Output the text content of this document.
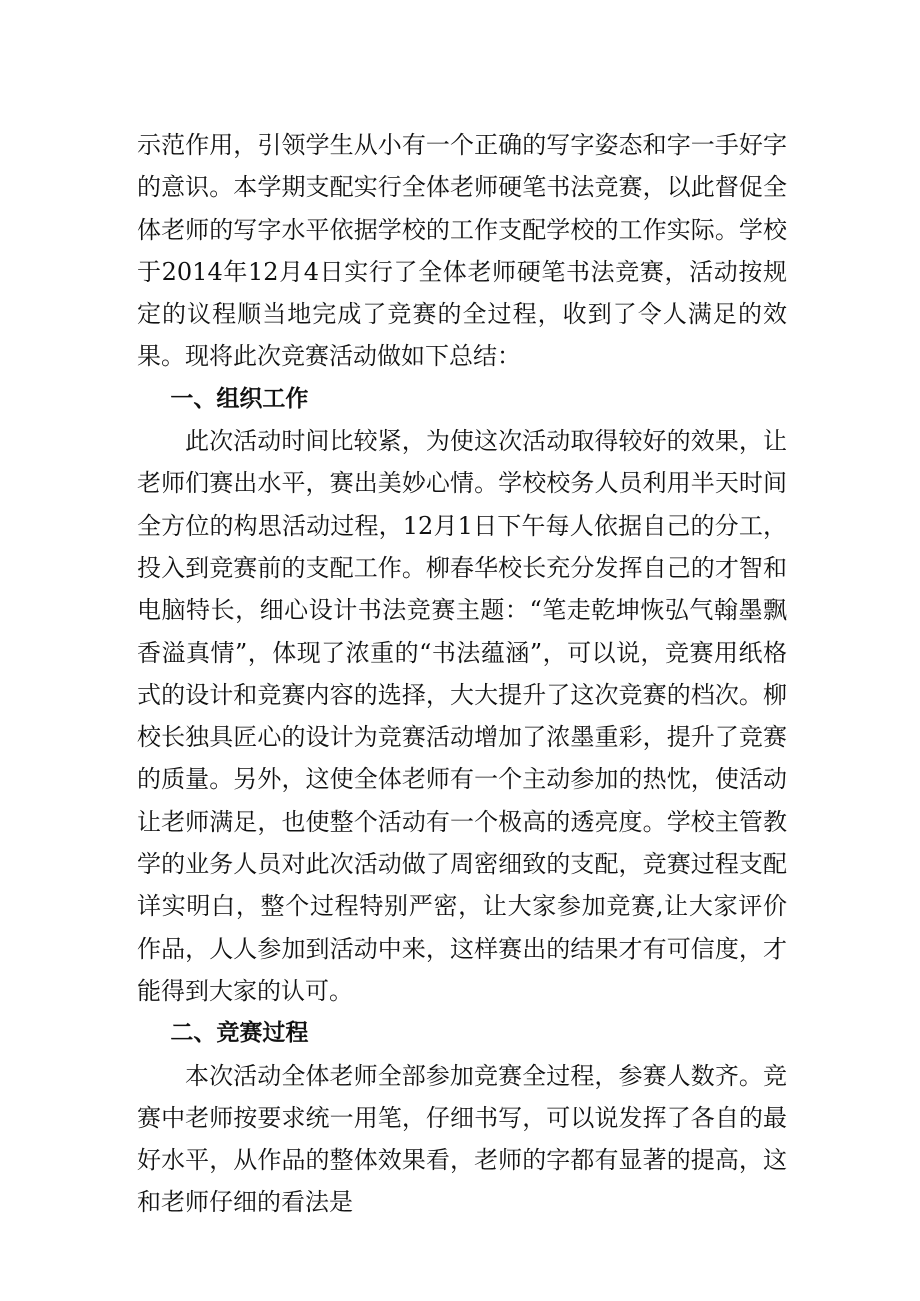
示范作用，引领学生从小有一个正确的写字姿态和字一手好字的意识。本学期支配实行全体老师硬笔书法竞赛，以此督促全体老师的写字水平依据学校的工作支配学校的工作实际。学校于2014年12月4日实行了全体老师硬笔书法竞赛，活动按规定的议程顺当地完成了竞赛的全过程，收到了令人满足的效果。现将此次竞赛活动做如下总结：

一、组织工作

此次活动时间比较紧，为使这次活动取得较好的效果，让老师们赛出水平，赛出美妙心情。学校校务人员利用半天时间全方位的构思活动过程，12月1日下午每人依据自己的分工，投入到竞赛前的支配工作。柳春华校长充分发挥自己的才智和电脑特长，细心设计书法竞赛主题：“笔走乾坤恢弘气翰墨飘香溢真情”，体现了浓重的“书法蕴涵”，可以说，竞赛用纸格式的设计和竞赛内容的选择，大大提升了这次竞赛的档次。柳校长独具匠心的设计为竞赛活动增加了浓墨重彩，提升了竞赛的质量。另外，这使全体老师有一个主动参加的热忱，使活动让老师满足，也使整个活动有一个极高的透亮度。学校主管教学的业务人员对此次活动做了周密细致的支配，竞赛过程支配详实明白，整个过程特别严密，让大家参加竞赛,让大家评价作品，人人参加到活动中来，这样赛出的结果才有可信度，才能得到大家的认可。

二、竞赛过程

本次活动全体老师全部参加竞赛全过程，参赛人数齐。竞赛中老师按要求统一用笔，仔细书写，可以说发挥了各自的最好水平，从作品的整体效果看，老师的字都有显著的提高，这和老师仔细的看法是
